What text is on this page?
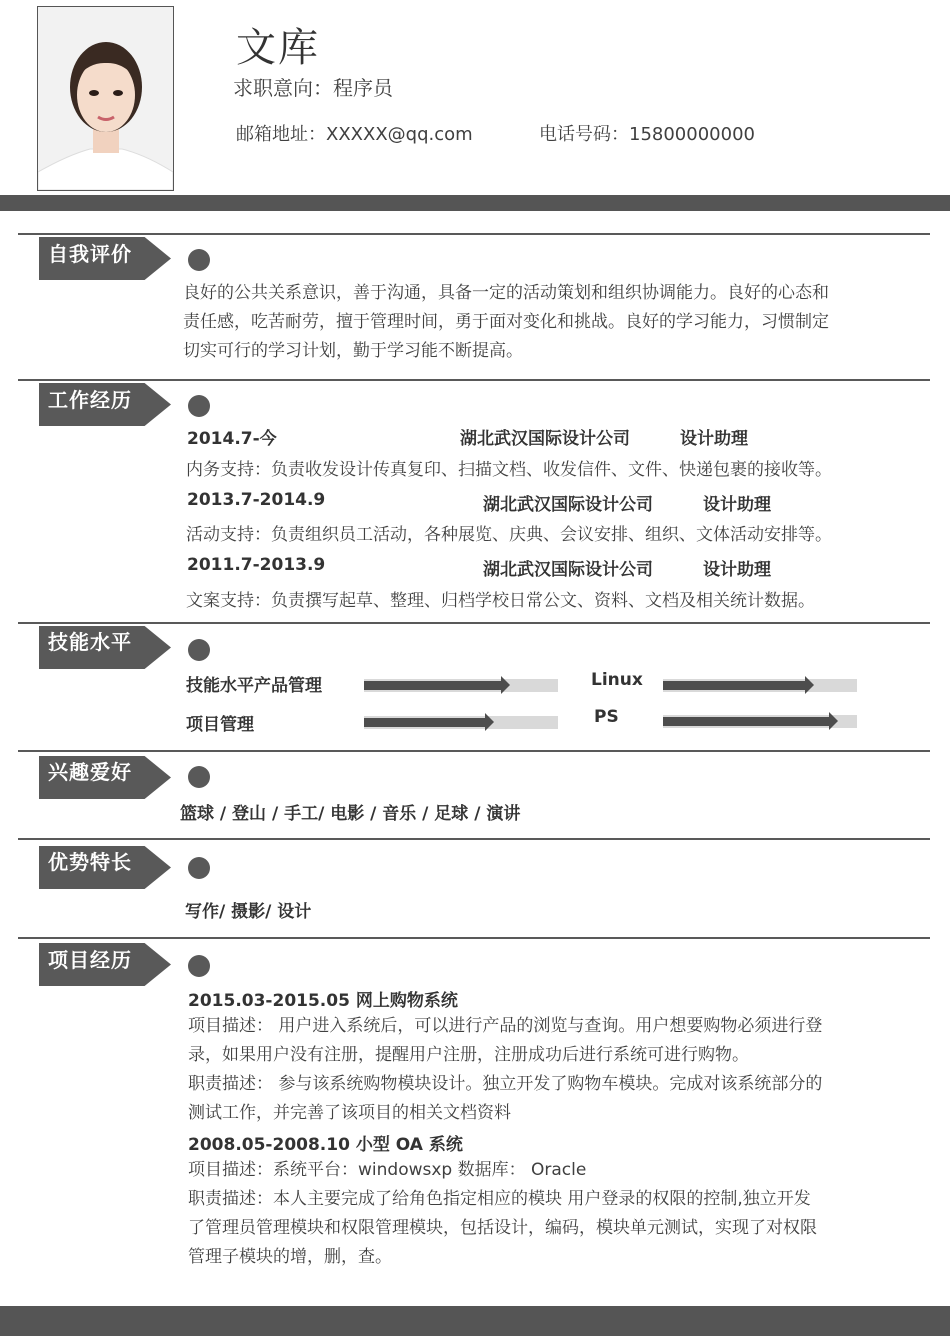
文库
求职意向：程序员
邮箱地址：XXXXX@qq.com	电话号码：15800000000
自我评价
良好的公共关系意识，善于沟通，具备一定的活动策划和组织协调能力。良好的心态和
责任感，吃苦耐劳，擅于管理时间，勇于面对变化和挑战。良好的学习能力，习惯制定
切实可行的学习计划，勤于学习能不断提高。
工作经历
2014.7-今	湖北武汉国际设计公司	设计助理
内务支持：负责收发设计传真复印、扫描文档、收发信件、文件、快递包裹的接收等。
2013.7-2014.9	湖北武汉国际设计公司	设计助理
活动支持：负责组织员工活动，各种展览、庆典、会议安排、组织、文体活动安排等。
2011.7-2013.9	湖北武汉国际设计公司	设计助理
文案支持：负责撰写起草、整理、归档学校日常公文、资料、文档及相关统计数据。
技能水平
技能水平产品管理	Linux
项目管理	PS
兴趣爱好
篮球 / 登山 / 手工/ 电影 / 音乐 / 足球 / 演讲
优势特长
写作/ 摄影/ 设计
项目经历
2015.03-2015.05 网上购物系统
项目描述： 用户进入系统后，可以进行产品的浏览与查询。用户想要购物必须进行登
录，如果用户没有注册，提醒用户注册，注册成功后进行系统可进行购物。
职责描述： 参与该系统购物模块设计。独立开发了购物车模块。完成对该系统部分的
测试工作，并完善了该项目的相关文档资料
2008.05-2008.10 小型 OA 系统
项目描述：系统平台：windowsxp 数据库： Oracle
职责描述：本人主要完成了给角色指定相应的模块 用户登录的权限的控制,独立开发
了管理员管理模块和权限管理模块，包括设计，编码，模块单元测试，实现了对权限
管理子模块的增，删，查。
